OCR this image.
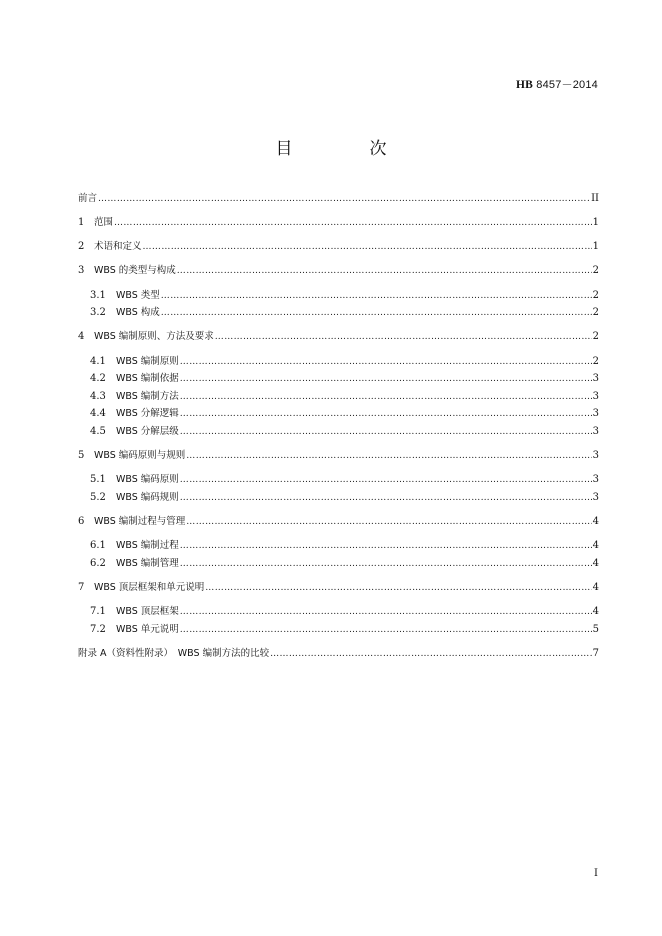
HB 8457－2014
目　次
前言 ……………………………………………………………………………………………………………………………………………………………………………………………………………………………………………………………	II
1	范围 ……………………………………………………………………………………………………………………………………………………………………………………………………………………………………………………………	1
2	术语和定义 ……………………………………………………………………………………………………………………………………………………………………………………………………………………………………………………………	1
3	WBS 的类型与构成 ……………………………………………………………………………………………………………………………………………………………………………………………………………………………………………………………	2
3.1	WBS 类型 ……………………………………………………………………………………………………………………………………………………………………………………………………………………………………………………………	2
3.2	WBS 构成 ……………………………………………………………………………………………………………………………………………………………………………………………………………………………………………………………	2
4	WBS 编制原则、方法及要求 ……………………………………………………………………………………………………………………………………………………………………………………………………………………………………………………………	2
4.1	WBS 编制原则 ……………………………………………………………………………………………………………………………………………………………………………………………………………………………………………………………	2
4.2	WBS 编制依据 ……………………………………………………………………………………………………………………………………………………………………………………………………………………………………………………………	3
4.3	WBS 编制方法 ……………………………………………………………………………………………………………………………………………………………………………………………………………………………………………………………	3
4.4	WBS 分解逻辑 ……………………………………………………………………………………………………………………………………………………………………………………………………………………………………………………………	3
4.5	WBS 分解层级 ……………………………………………………………………………………………………………………………………………………………………………………………………………………………………………………………	3
5	WBS 编码原则与规则 ……………………………………………………………………………………………………………………………………………………………………………………………………………………………………………………………	3
5.1	WBS 编码原则 ……………………………………………………………………………………………………………………………………………………………………………………………………………………………………………………………	3
5.2	WBS 编码规则 ……………………………………………………………………………………………………………………………………………………………………………………………………………………………………………………………	3
6	WBS 编制过程与管理 ……………………………………………………………………………………………………………………………………………………………………………………………………………………………………………………………	4
6.1	WBS 编制过程 ……………………………………………………………………………………………………………………………………………………………………………………………………………………………………………………………	4
6.2	WBS 编制管理 ……………………………………………………………………………………………………………………………………………………………………………………………………………………………………………………………	4
7	WBS 顶层框架和单元说明 ……………………………………………………………………………………………………………………………………………………………………………………………………………………………………………………………	4
7.1	WBS 顶层框架 ……………………………………………………………………………………………………………………………………………………………………………………………………………………………………………………………	4
7.2	WBS 单元说明 ……………………………………………………………………………………………………………………………………………………………………………………………………………………………………………………………	5
附录 A（资料性附录）　WBS 编制方法的比较 ……………………………………………………………………………………………………………………………………………………………………………………………………………………………………………………………	7
I
